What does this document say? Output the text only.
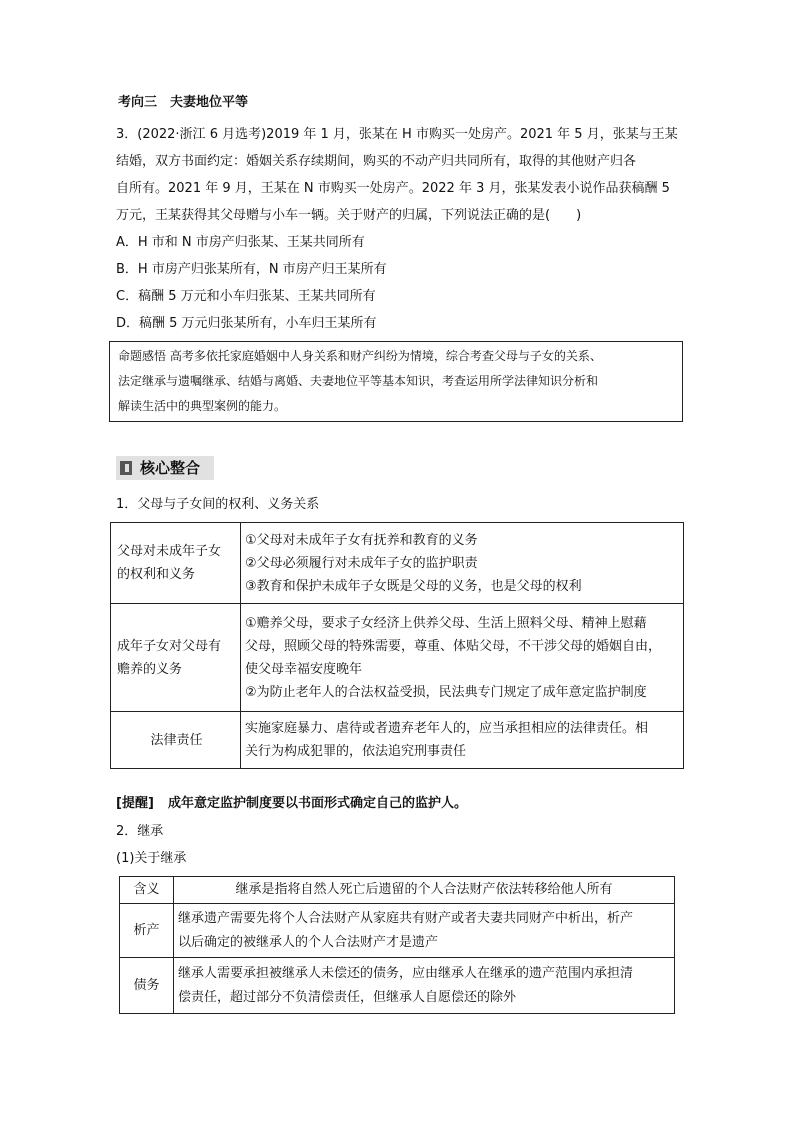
考向三　夫妻地位平等
3．(2022·浙江 6 月选考)2019 年 1 月，张某在 H 市购买一处房产。2021 年 5 月，张某与王某
结婚，双方书面约定：婚姻关系存续期间，购买的不动产归共同所有，取得的其他财产归各
自所有。2021 年 9 月，王某在 N 市购买一处房产。2022 年 3 月，张某发表小说作品获稿酬 5
万元，王某获得其父母赠与小车一辆。关于财产的归属，下列说法正确的是(　　)
A．H 市和 N 市房产归张某、王某共同所有
B．H 市房产归张某所有，N 市房产归王某所有
C．稿酬 5 万元和小车归张某、王某共同所有
D．稿酬 5 万元归张某所有，小车归王某所有
命题感悟 高考多依托家庭婚姻中人身关系和财产纠纷为情境，综合考查父母与子女的关系、
法定继承与遗嘱继承、结婚与离婚、夫妻地位平等基本知识，考查运用所学法律知识分析和
解读生活中的典型案例的能力。
核心整合
1．父母与子女间的权利、义务关系
父母对未成年子女
的权利和义务	①父母对未成年子女有抚养和教育的义务
②父母必须履行对未成年子女的监护职责
③教育和保护未成年子女既是父母的义务，也是父母的权利
成年子女对父母有
赡养的义务	①赡养父母，要求子女经济上供养父母、生活上照料父母、精神上慰藉
父母，照顾父母的特殊需要，尊重、体贴父母，不干涉父母的婚姻自由，
使父母幸福安度晚年
②为防止老年人的合法权益受损，民法典专门规定了成年意定监护制度
法律责任	实施家庭暴力、虐待或者遗弃老年人的，应当承担相应的法律责任。相
关行为构成犯罪的，依法追究刑事责任
[提醒] 成年意定监护制度要以书面形式确定自己的监护人。
2．继承
(1)关于继承
含义	继承是指将自然人死亡后遗留的个人合法财产依法转移给他人所有
析产	继承遗产需要先将个人合法财产从家庭共有财产或者夫妻共同财产中析出，析产
以后确定的被继承人的个人合法财产才是遗产
债务	继承人需要承担被继承人未偿还的债务，应由继承人在继承的遗产范围内承担清
偿责任，超过部分不负清偿责任，但继承人自愿偿还的除外
